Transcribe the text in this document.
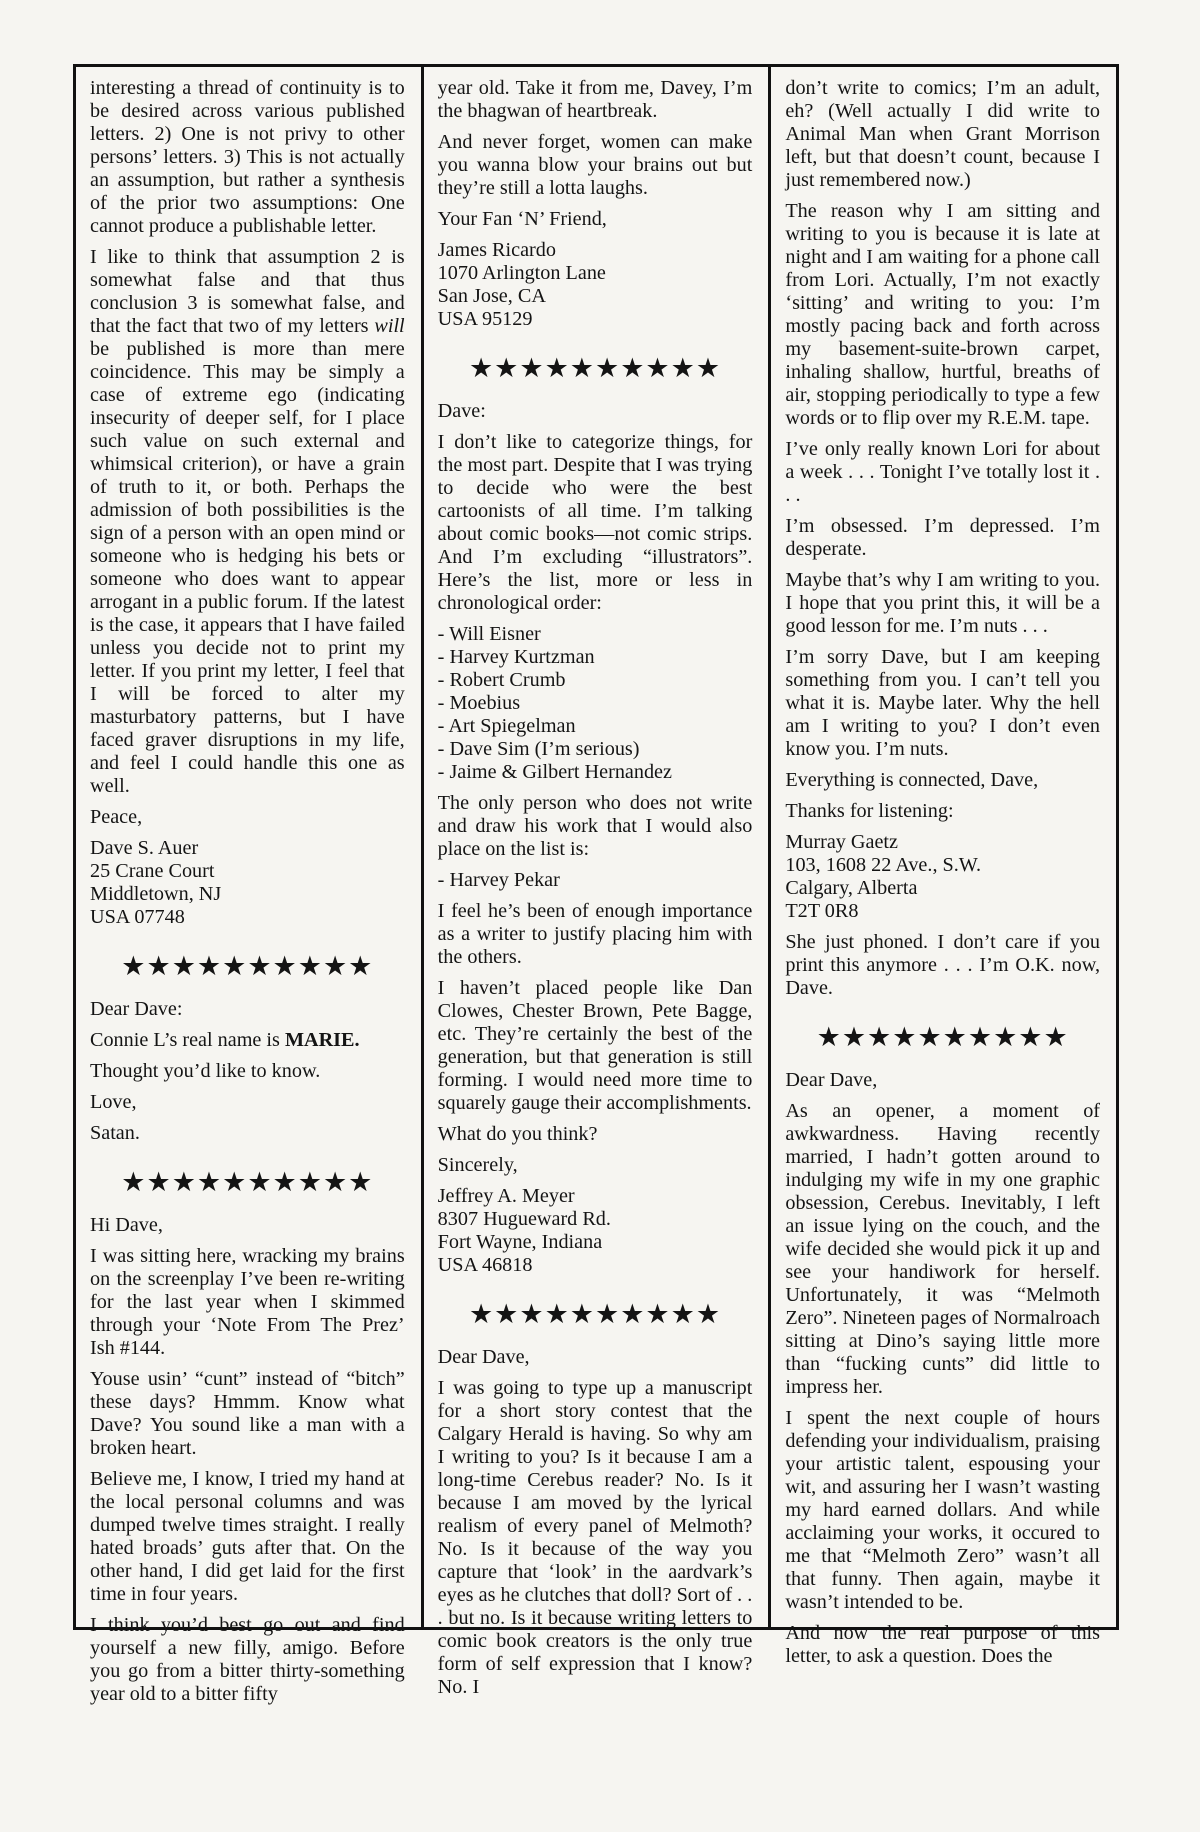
interesting a thread of continuity is to be desired across various published letters. 2) One is not privy to other persons’ letters. 3) This is not actually an assumption, but rather a synthesis of the prior two assumptions: One cannot produce a publishable letter.

I like to think that assumption 2 is somewhat false and that thus conclusion 3 is somewhat false, and that the fact that two of my letters will be published is more than mere coincidence. This may be simply a case of extreme ego (indicating insecurity of deeper self, for I place such value on such external and whimsical criterion), or have a grain of truth to it, or both. Perhaps the admission of both possibilities is the sign of a person with an open mind or someone who is hedging his bets or someone who does want to appear arrogant in a public forum. If the latest is the case, it appears that I have failed unless you decide not to print my letter. If you print my letter, I feel that I will be forced to alter my masturbatory patterns, but I have faced graver disruptions in my life, and feel I could handle this one as well.

Peace,

Dave S. Auer
25 Crane Court
Middletown, NJ
USA 07748
★★★★★★★★★★

Dear Dave:

Connie L’s real name is MARIE.

Thought you’d like to know.

Love,

Satan.

★★★★★★★★★★

Hi Dave,

I was sitting here, wracking my brains on the screenplay I’ve been re-writing for the last year when I skimmed through your ‘Note From The Prez’ Ish #144.

Youse usin’ “cunt” instead of “bitch” these days? Hmmm. Know what Dave? You sound like a man with a broken heart.

Believe me, I know, I tried my hand at the local personal columns and was dumped twelve times straight. I really hated broads’ guts after that. On the other hand, I did get laid for the first time in four years.

I think you’d best go out and find yourself a new filly, amigo. Before you go from a bitter thirty-something year old to a bitter fifty

year old. Take it from me, Davey, I’m the bhagwan of heartbreak.

And never forget, women can make you wanna blow your brains out but they’re still a lotta laughs.

Your Fan ‘N’ Friend,

James Ricardo
1070 Arlington Lane
San Jose, CA
USA 95129
★★★★★★★★★★

Dave:

I don’t like to categorize things, for the most part. Despite that I was trying to decide who were the best cartoonists of all time. I’m talking about comic books—not comic strips. And I’m excluding “illustrators”. Here’s the list, more or less in chronological order:

- Will Eisner
- Harvey Kurtzman
- Robert Crumb
- Moebius
- Art Spiegelman
- Dave Sim (I’m serious)
- Jaime & Gilbert Hernandez

The only person who does not write and draw his work that I would also place on the list is:

- Harvey Pekar

I feel he’s been of enough importance as a writer to justify placing him with the others.

I haven’t placed people like Dan Clowes, Chester Brown, Pete Bagge, etc. They’re certainly the best of the generation, but that generation is still forming. I would need more time to squarely gauge their accomplishments.

What do you think?

Sincerely,

Jeffrey A. Meyer
8307 Hugueward Rd.
Fort Wayne, Indiana
USA 46818
★★★★★★★★★★

Dear Dave,

I was going to type up a manuscript for a short story contest that the Calgary Herald is having. So why am I writing to you? Is it because I am a long-time Cerebus reader? No. Is it because I am moved by the lyrical realism of every panel of Melmoth? No. Is it because of the way you capture that ‘look’ in the aardvark’s eyes as he clutches that doll? Sort of . . . but no. Is it because writing letters to comic book creators is the only true form of self expression that I know? No. I

don’t write to comics; I’m an adult, eh? (Well actually I did write to Animal Man when Grant Morrison left, but that doesn’t count, because I just remembered now.)

The reason why I am sitting and writing to you is because it is late at night and I am waiting for a phone call from Lori. Actually, I’m not exactly ‘sitting’ and writing to you: I’m mostly pacing back and forth across my basement-suite-brown carpet, inhaling shallow, hurtful, breaths of air, stopping periodically to type a few words or to flip over my R.E.M. tape.

I’ve only really known Lori for about a week . . . Tonight I’ve totally lost it . . .

I’m obsessed. I’m depressed. I’m desperate.

Maybe that’s why I am writing to you. I hope that you print this, it will be a good lesson for me. I’m nuts . . .

I’m sorry Dave, but I am keeping something from you. I can’t tell you what it is. Maybe later. Why the hell am I writing to you? I don’t even know you. I’m nuts.

Everything is connected, Dave,

Thanks for listening:

Murray Gaetz
103, 1608 22 Ave., S.W.
Calgary, Alberta
T2T 0R8

She just phoned. I don’t care if you print this anymore . . . I’m O.K. now, Dave.

★★★★★★★★★★

Dear Dave,

As an opener, a moment of awkwardness. Having recently married, I hadn’t gotten around to indulging my wife in my one graphic obsession, Cerebus. Inevitably, I left an issue lying on the couch, and the wife decided she would pick it up and see your handiwork for herself. Unfortunately, it was “Melmoth Zero”. Nineteen pages of Normalroach sitting at Dino’s saying little more than “fucking cunts” did little to impress her.

I spent the next couple of hours defending your individualism, praising your artistic talent, espousing your wit, and assuring her I wasn’t wasting my hard earned dollars. And while acclaiming your works, it occured to me that “Melmoth Zero” wasn’t all that funny. Then again, maybe it wasn’t intended to be.

And now the real purpose of this letter, to ask a question. Does the
